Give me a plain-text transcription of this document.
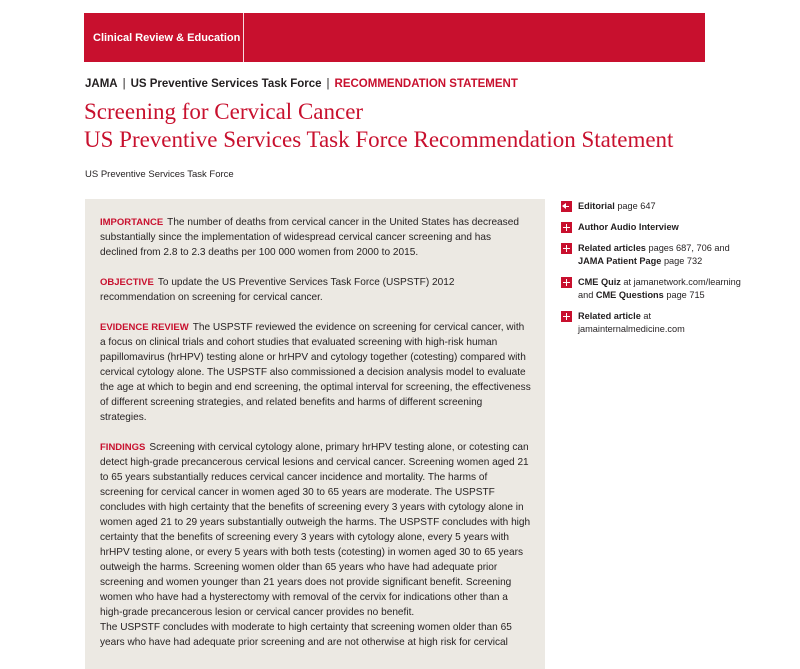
Clinical Review & Education
JAMA | US Preventive Services Task Force | RECOMMENDATION STATEMENT
Screening for Cervical Cancer
US Preventive Services Task Force Recommendation Statement
US Preventive Services Task Force

IMPORTANCE The number of deaths from cervical cancer in the United States has decreased substantially since the implementation of widespread cervical cancer screening and has declined from 2.8 to 2.3 deaths per 100 000 women from 2000 to 2015.

OBJECTIVE To update the US Preventive Services Task Force (USPSTF) 2012 recommendation on screening for cervical cancer.

EVIDENCE REVIEW The USPSTF reviewed the evidence on screening for cervical cancer, with a focus on clinical trials and cohort studies that evaluated screening with high-risk human papillomavirus (hrHPV) testing alone or hrHPV and cytology together (cotesting) compared with cervical cytology alone. The USPSTF also commissioned a decision analysis model to evaluate the age at which to begin and end screening, the optimal interval for screening, the effectiveness of different screening strategies, and related benefits and harms of different screening strategies.

FINDINGS Screening with cervical cytology alone, primary hrHPV testing alone, or cotesting can detect high-grade precancerous cervical lesions and cervical cancer. Screening women aged 21 to 65 years substantially reduces cervical cancer incidence and mortality. The harms of screening for cervical cancer in women aged 30 to 65 years are moderate. The USPSTF concludes with high certainty that the benefits of screening every 3 years with cytology alone in women aged 21 to 29 years substantially outweigh the harms. The USPSTF concludes with high certainty that the benefits of screening every 3 years with cytology alone, every 5 years with hrHPV testing alone, or every 5 years with both tests (cotesting) in women aged 30 to 65 years outweigh the harms. Screening women older than 65 years who have had adequate prior screening and women younger than 21 years does not provide significant benefit. Screening women who have had a hysterectomy with removal of the cervix for indications other than a high-grade precancerous lesion or cervical cancer provides no benefit.

The USPSTF concludes with moderate to high certainty that screening women older than 65 years who have had adequate prior screening and are not otherwise at high risk for cervical

Editorial page 647
Author Audio Interview
Related articles pages 687, 706 and JAMA Patient Page page 732
CME Quiz at jamanetwork.com/learning and CME Questions page 715
Related article at jamainternalmedicine.com
